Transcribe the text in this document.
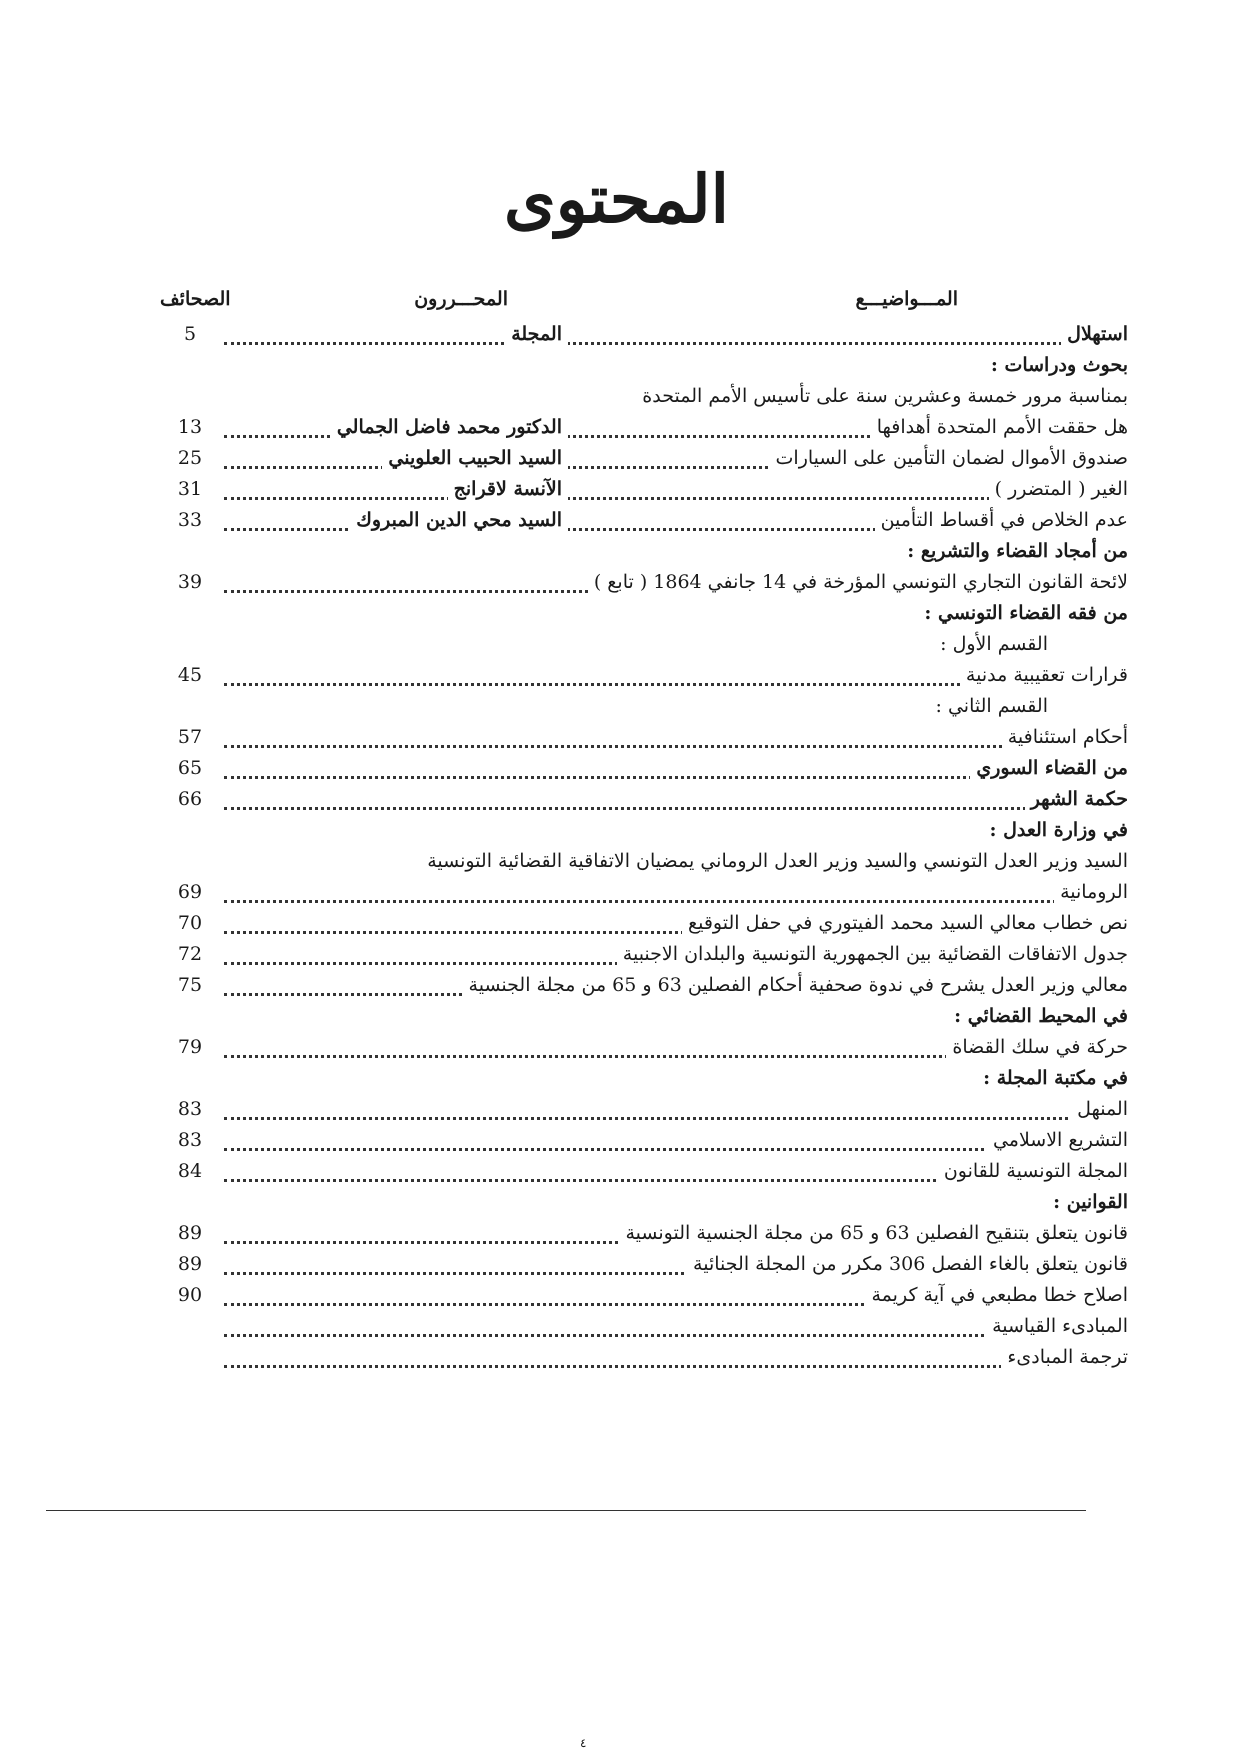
المحتوى
المـــواضيـــع
المحـــررون
الصحائف
استهلال
المجلة
5
بحوث ودراسات :
بمناسبة مرور خمسة وعشرين سنة على تأسيس الأمم المتحدة
هل حققت الأمم المتحدة أهدافها
الدكتور محمد فاضل الجمالي
13
صندوق الأموال لضمان التأمين على السيارات
السيد الحبيب العلويني
25
الغير ( المتضرر )
الآنسة لاقرانج
31
عدم الخلاص في أقساط التأمين
السيد محي الدين المبروك
33
من أمجاد القضاء والتشريع :
لائحة القانون التجاري التونسي المؤرخة في 14 جانفي 1864 ( تابع )
39
من فقه القضاء التونسي :
القسم الأول :
قرارات تعقيبية مدنية
45
القسم الثاني :
أحكام استئنافية
57
من القضاء السوري
65
حكمة الشهر
66
في وزارة العدل :
السيد وزير العدل التونسي والسيد وزير العدل الروماني يمضيان الاتفاقية القضائية التونسية
الرومانية
69
نص خطاب معالي السيد محمد الفيتوري في حفل التوقيع
70
جدول الاتفاقات القضائية بين الجمهورية التونسية والبلدان الاجنبية
72
معالي وزير العدل يشرح في ندوة صحفية أحكام الفصلين 63 و 65 من مجلة الجنسية
75
في المحيط القضائي :
حركة في سلك القضاة
79
في مكتبة المجلة :
المنهل
83
التشريع الاسلامي
83
المجلة التونسية للقانون
84
القوانين :
قانون يتعلق بتنقيح الفصلين 63 و 65 من مجلة الجنسية التونسية
89
قانون يتعلق بالغاء الفصل 306 مكرر من المجلة الجنائية
89
اصلاح خطا مطبعي في آية كريمة
90
المبادىء القياسية
ترجمة المبادىء
٤
